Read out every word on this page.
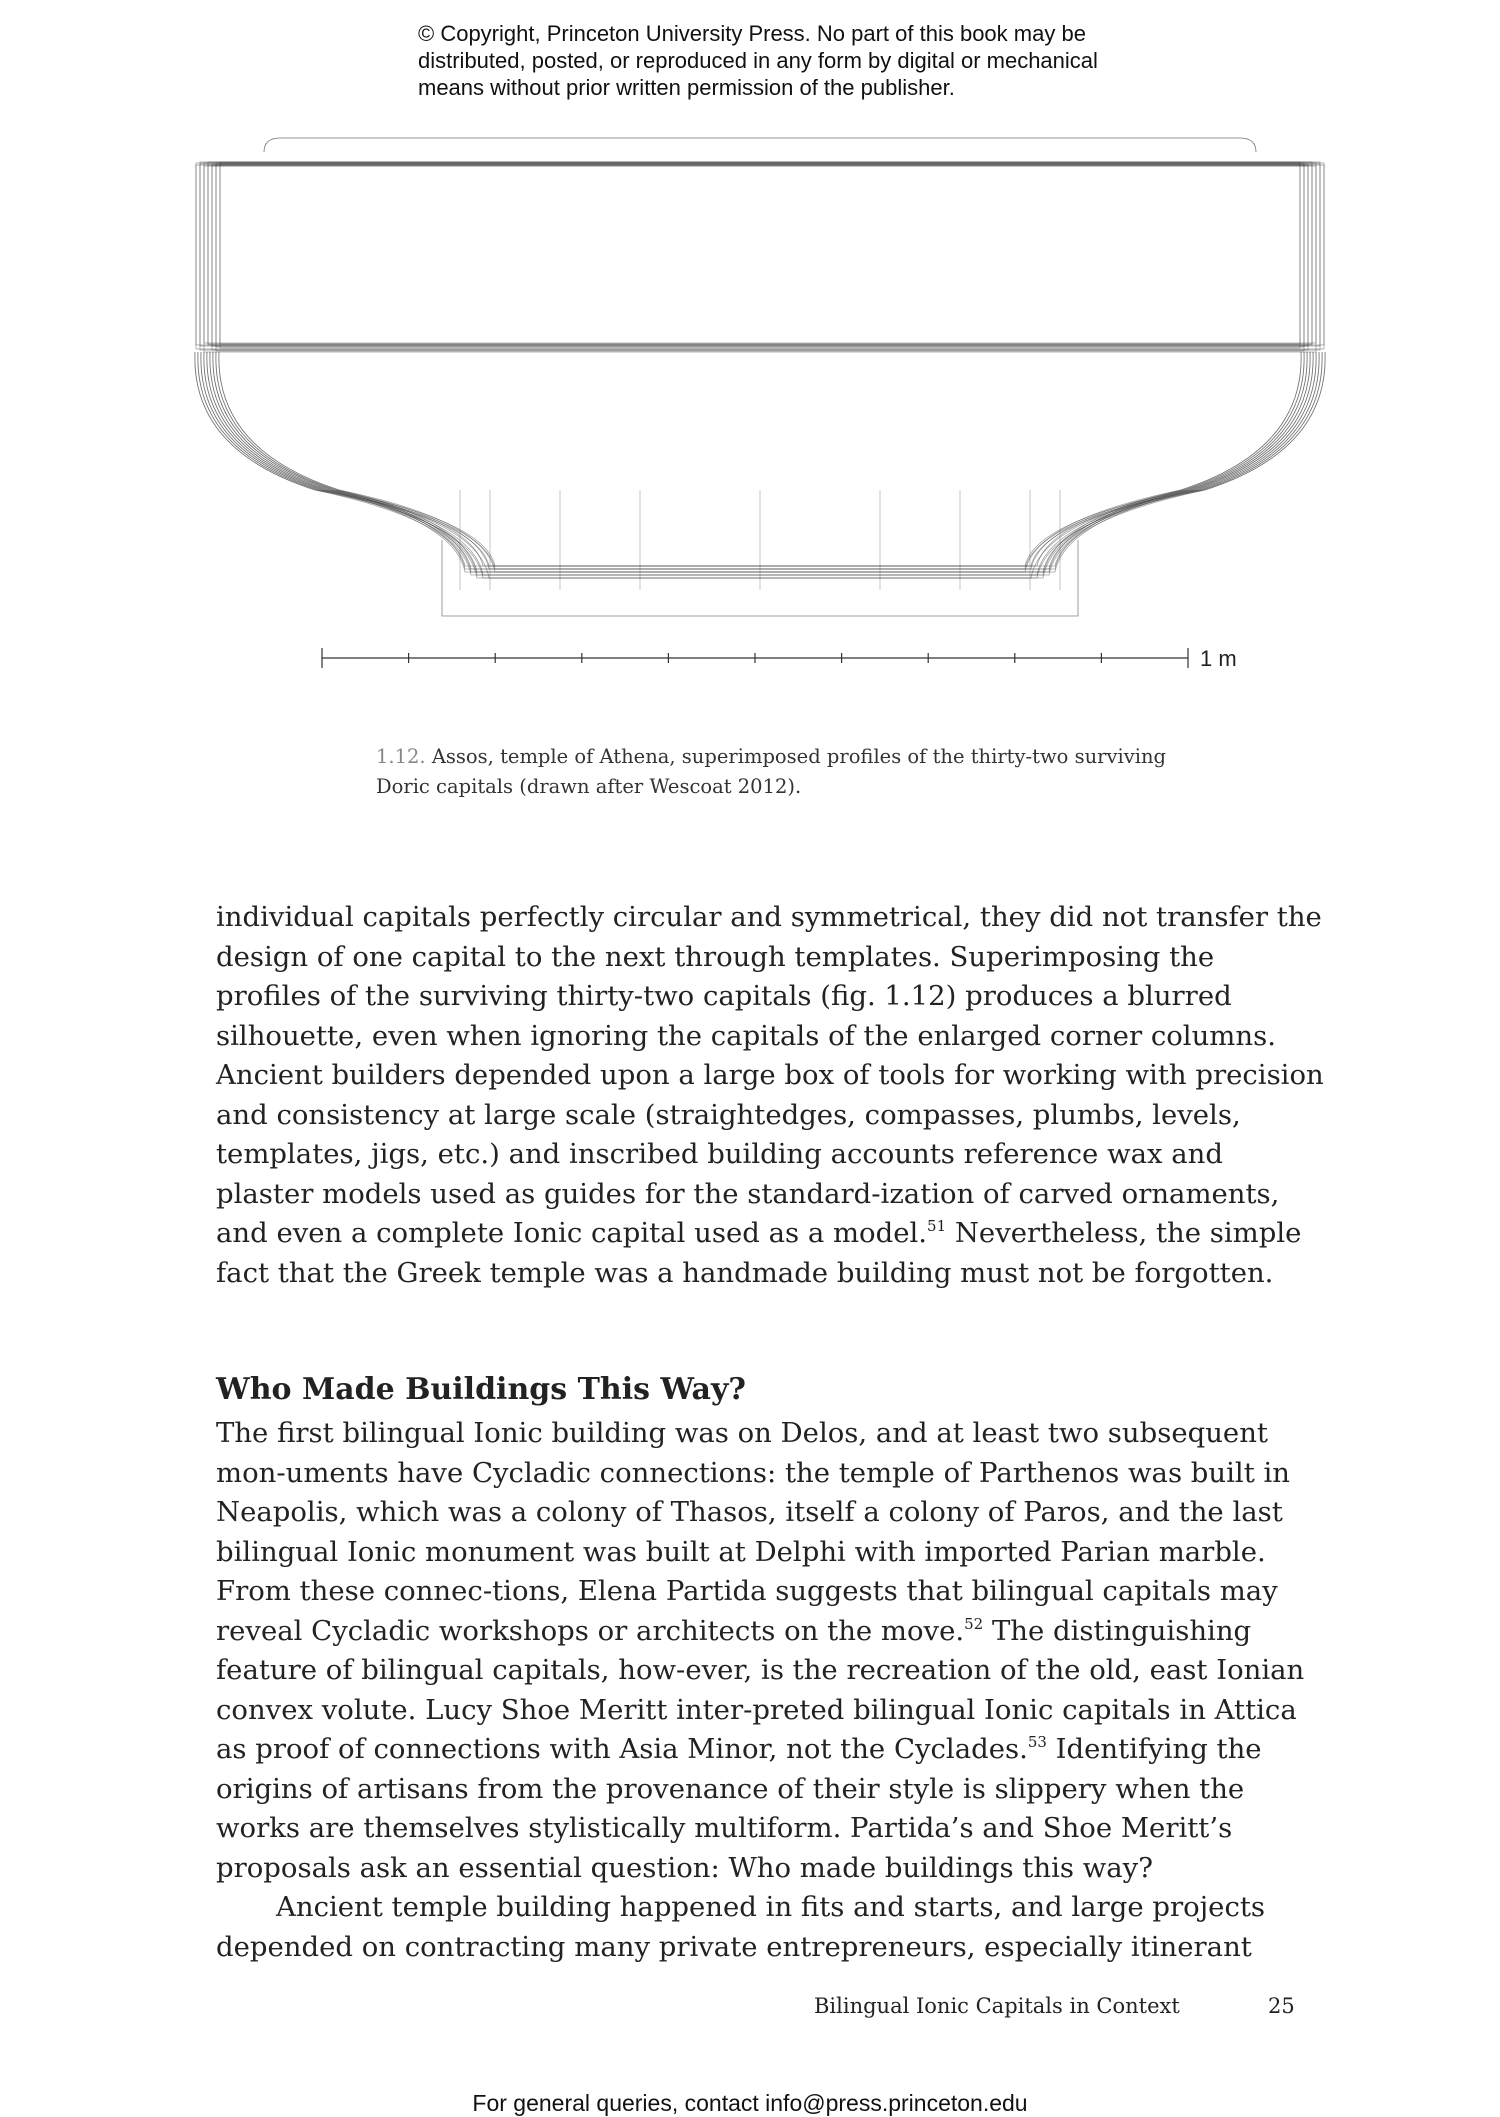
© Copyright, Princeton University Press. No part of this book may be
distributed, posted, or reproduced in any form by digital or mechanical
means without prior written permission of the publisher.
1 m
1.12. Assos, temple of Athena, superimposed profiles of the thirty-two surviving Doric capitals (drawn after Wescoat 2012).

individual capitals perfectly circular and symmetrical, they did not transfer the design of one capital to the next through templates. Superimposing the profiles of the surviving thirty-two capitals (fig. 1.12) produces a blurred silhouette, even when ignoring the capitals of the enlarged corner columns. Ancient builders depended upon a large box of tools for working with precision and consistency at large scale (straightedges, compasses, plumbs, levels, templates, jigs, etc.) and inscribed building accounts reference wax and plaster models used as guides for the standard-ization of carved ornaments, and even a complete Ionic capital used as a model.$^{51}$ Nevertheless, the simple fact that the Greek temple was a handmade building must not be forgotten.

Who Made Buildings This Way?

The first bilingual Ionic building was on Delos, and at least two subsequent mon-uments have Cycladic connections: the temple of Parthenos was built in Neapolis, which was a colony of Thasos, itself a colony of Paros, and the last bilingual Ionic monument was built at Delphi with imported Parian marble. From these connec-tions, Elena Partida suggests that bilingual capitals may reveal Cycladic workshops or architects on the move.$^{52}$ The distinguishing feature of bilingual capitals, how-ever, is the recreation of the old, east Ionian convex volute. Lucy Shoe Meritt inter-preted bilingual Ionic capitals in Attica as proof of connections with Asia Minor, not the Cyclades.$^{53}$ Identifying the origins of artisans from the provenance of their style is slippery when the works are themselves stylistically multiform. Partida’s and Shoe Meritt’s proposals ask an essential question: Who made buildings this way?

Ancient temple building happened in fits and starts, and large projects depended on contracting many private entrepreneurs, especially itinerant

Bilingual Ionic Capitals in Context	25
For general queries, contact info@press.princeton.edu
